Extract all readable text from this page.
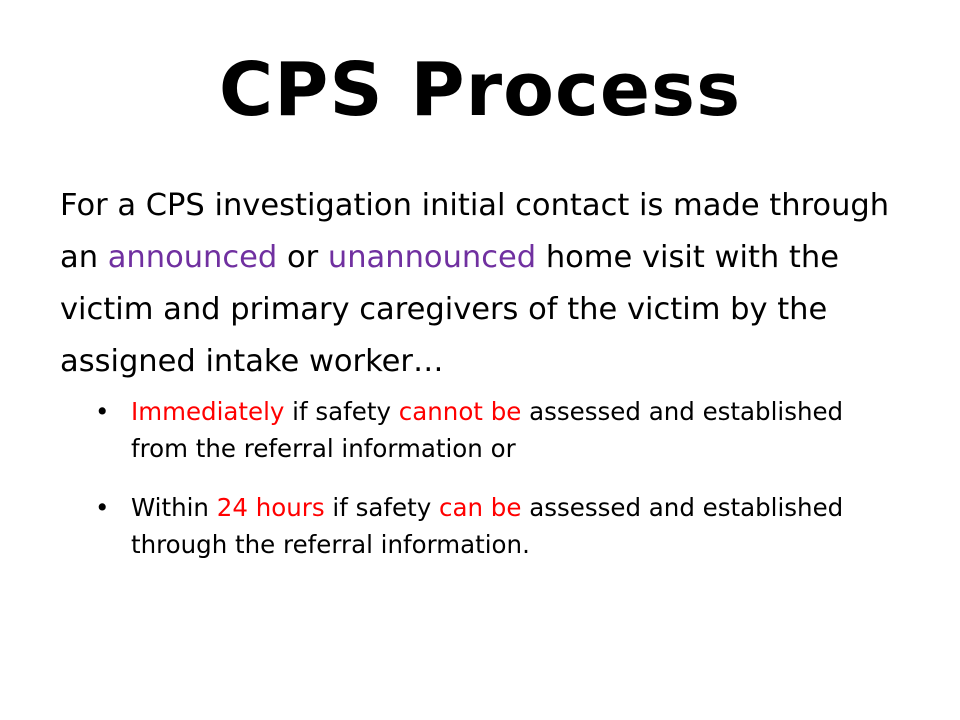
CPS Process

For a CPS investigation initial contact is made through an announced or unannounced home visit with the victim and primary caregivers of the victim by the assigned intake worker…

• Immediately if safety cannot be assessed and established from the referral information or
• Within 24 hours if safety can be assessed and established through the referral information.
